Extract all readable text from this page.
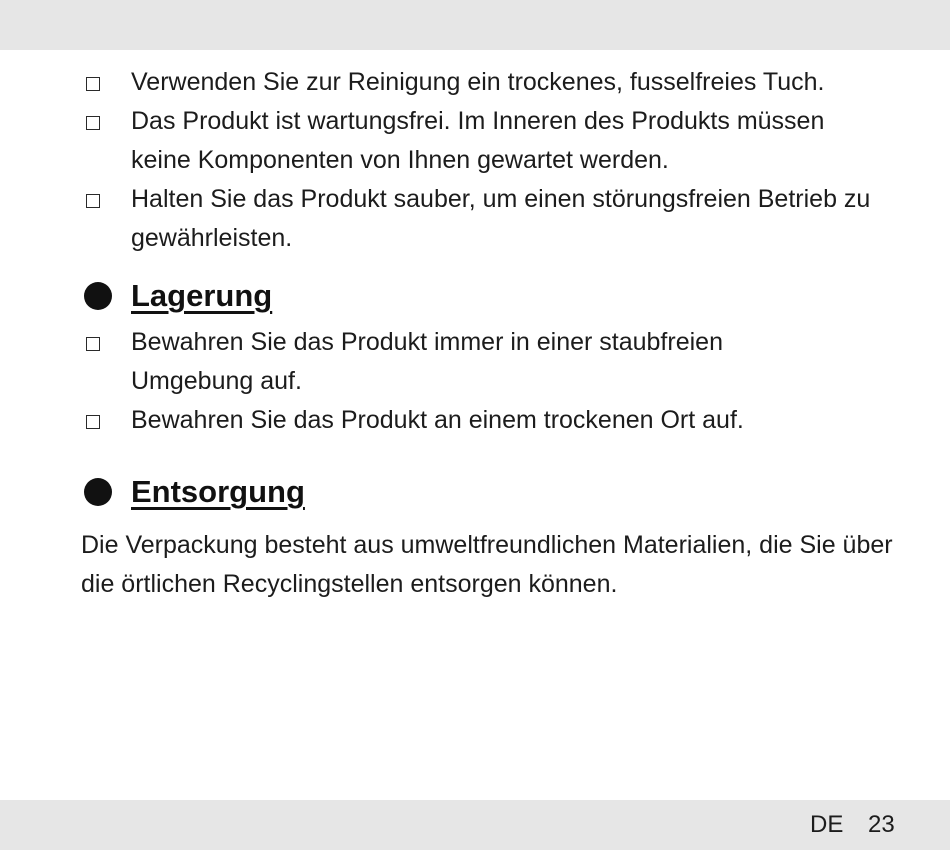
Verwenden Sie zur Reinigung ein trockenes, fusselfreies Tuch.
Das Produkt ist wartungsfrei. Im Inneren des Produkts müssen keine Komponenten von Ihnen gewartet werden.
Halten Sie das Produkt sauber, um einen störungsfreien Betrieb zu gewährleisten.
Lagerung
Bewahren Sie das Produkt immer in einer staubfreien Umgebung auf.
Bewahren Sie das Produkt an einem trockenen Ort auf.
Entsorgung
Die Verpackung besteht aus umweltfreundlichen Materialien, die Sie über die örtlichen Recyclingstellen entsorgen können.
DE 23
